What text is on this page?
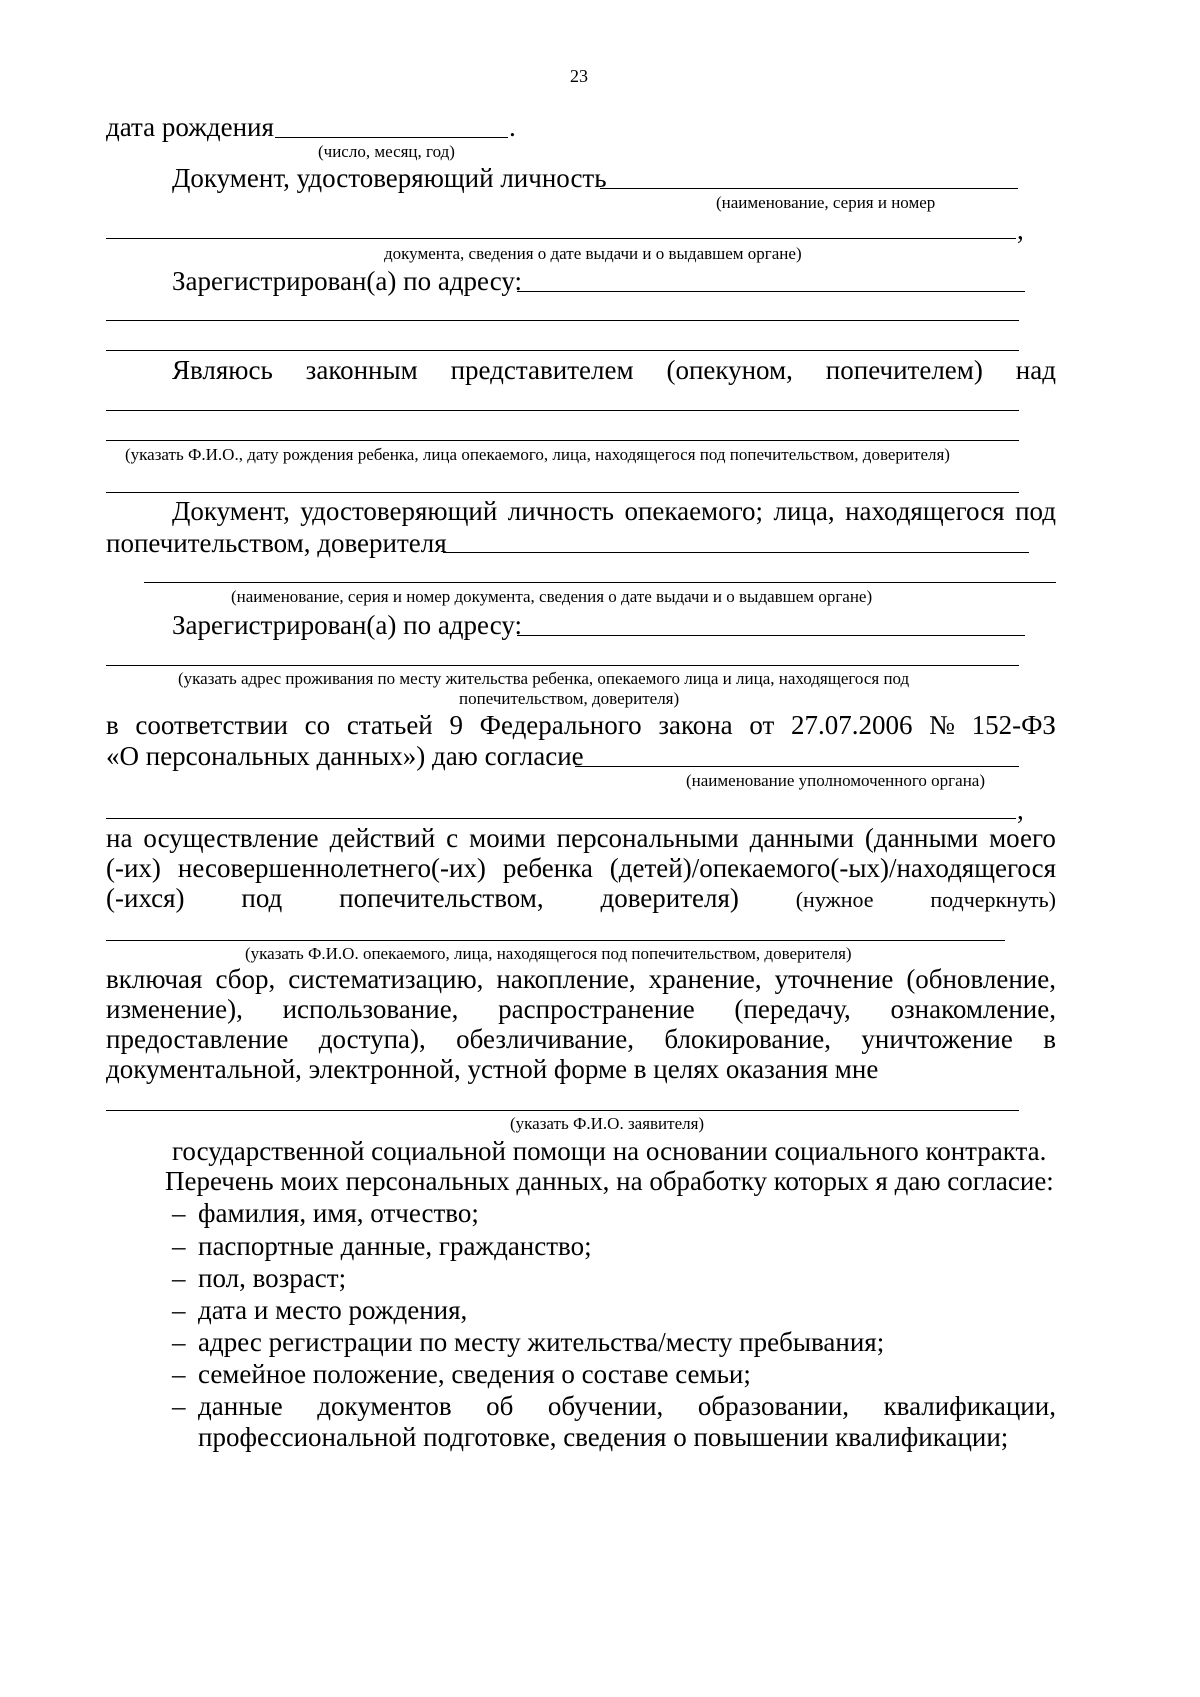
23
дата рождения	.
(число, месяц, год)
Документ, удостоверяющий личность
(наименование, серия и номер
,
документа, сведения о дате выдачи и о выдавшем органе)
Зарегистрирован(а) по адресу:
Являюсь законным представителем (опекуном, попечителем) над
(указать Ф.И.О., дату рождения ребенка, лица опекаемого, лица, находящегося под попечительством, доверителя)
Документ, удостоверяющий личность опекаемого; лица, находящегося под
попечительством, доверителя
(наименование, серия и номер документа, сведения о дате выдачи и о выдавшем органе)
Зарегистрирован(а) по адресу:
(указать адрес проживания по месту жительства ребенка, опекаемого лица и лица, находящегося под
попечительством, доверителя)
в соответствии со статьей 9 Федерального закона от 27.07.2006 № 152-ФЗ
«О персональных данных») даю согласие
(наименование уполномоченного органа)
,
на осуществление действий с моими персональными данными (данными моего
(-их) несовершеннолетнего(-их) ребенка (детей)/опекаемого(-ых)/находящегося
(-ихся) под попечительством, доверителя)	(нужное	подчеркнуть)
(указать Ф.И.О. опекаемого, лица, находящегося под попечительством, доверителя)
включая сбор, систематизацию, накопление, хранение, уточнение (обновление,
изменение), использование, распространение (передачу, ознакомление,
предоставление доступа), обезличивание, блокирование, уничтожение в
документальной, электронной, устной форме в целях оказания мне
(указать Ф.И.О. заявителя)
государственной социальной помощи на основании социального контракта.
Перечень моих персональных данных, на обработку которых я даю согласие:
– фамилия, имя, отчество;
– паспортные данные, гражданство;
– пол, возраст;
– дата и место рождения,
– адрес регистрации по месту жительства/месту пребывания;
– семейное положение, сведения о составе семьи;
– данные документов об обучении, образовании, квалификации,
профессиональной подготовке, сведения о повышении квалификации;
